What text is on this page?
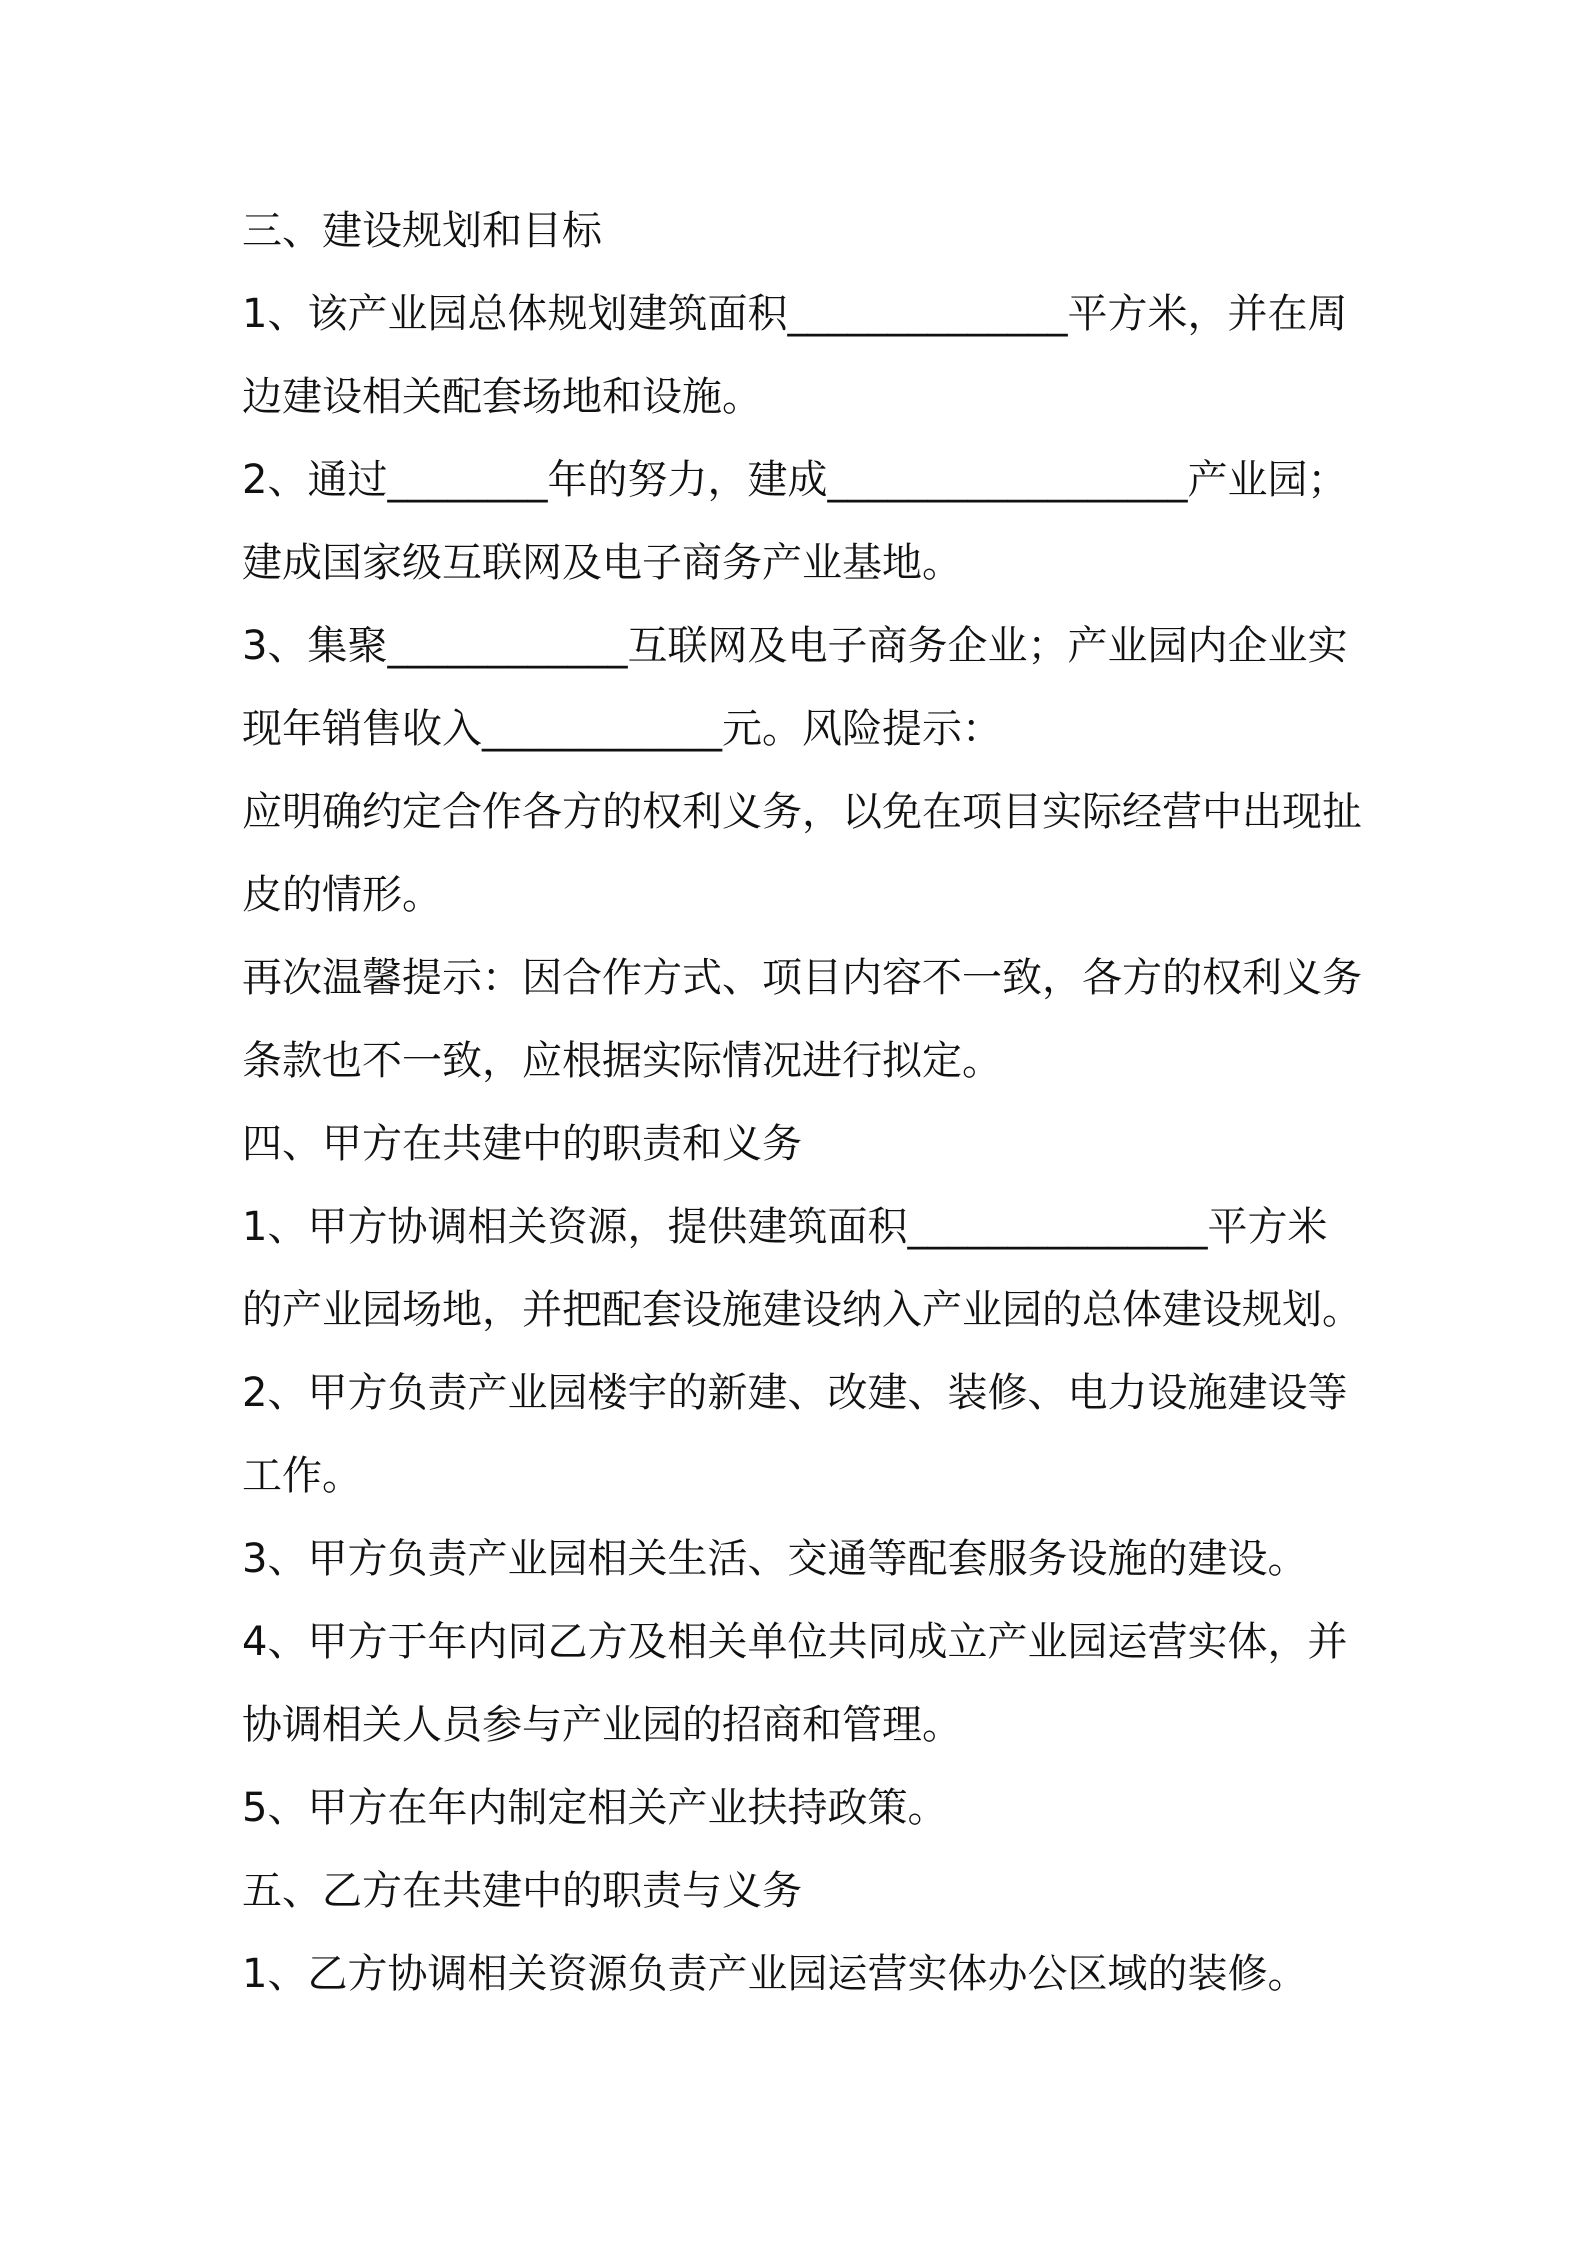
三、建设规划和目标

1、该产业园总体规划建筑面积______________平方米，并在周

边建设相关配套场地和设施。

2、通过________年的努力，建成__________________产业园；

建成国家级互联网及电子商务产业基地。

3、集聚____________互联网及电子商务企业；产业园内企业实

现年销售收入____________元。风险提示：

应明确约定合作各方的权利义务，以免在项目实际经营中出现扯

皮的情形。

再次温馨提示：因合作方式、项目内容不一致，各方的权利义务

条款也不一致，应根据实际情况进行拟定。

四、甲方在共建中的职责和义务

1、甲方协调相关资源，提供建筑面积_______________平方米

的产业园场地，并把配套设施建设纳入产业园的总体建设规划。

2、甲方负责产业园楼宇的新建、改建、装修、电力设施建设等

工作。

3、甲方负责产业园相关生活、交通等配套服务设施的建设。

4、甲方于年内同乙方及相关单位共同成立产业园运营实体，并

协调相关人员参与产业园的招商和管理。

5、甲方在年内制定相关产业扶持政策。

五、乙方在共建中的职责与义务

1、乙方协调相关资源负责产业园运营实体办公区域的装修。
